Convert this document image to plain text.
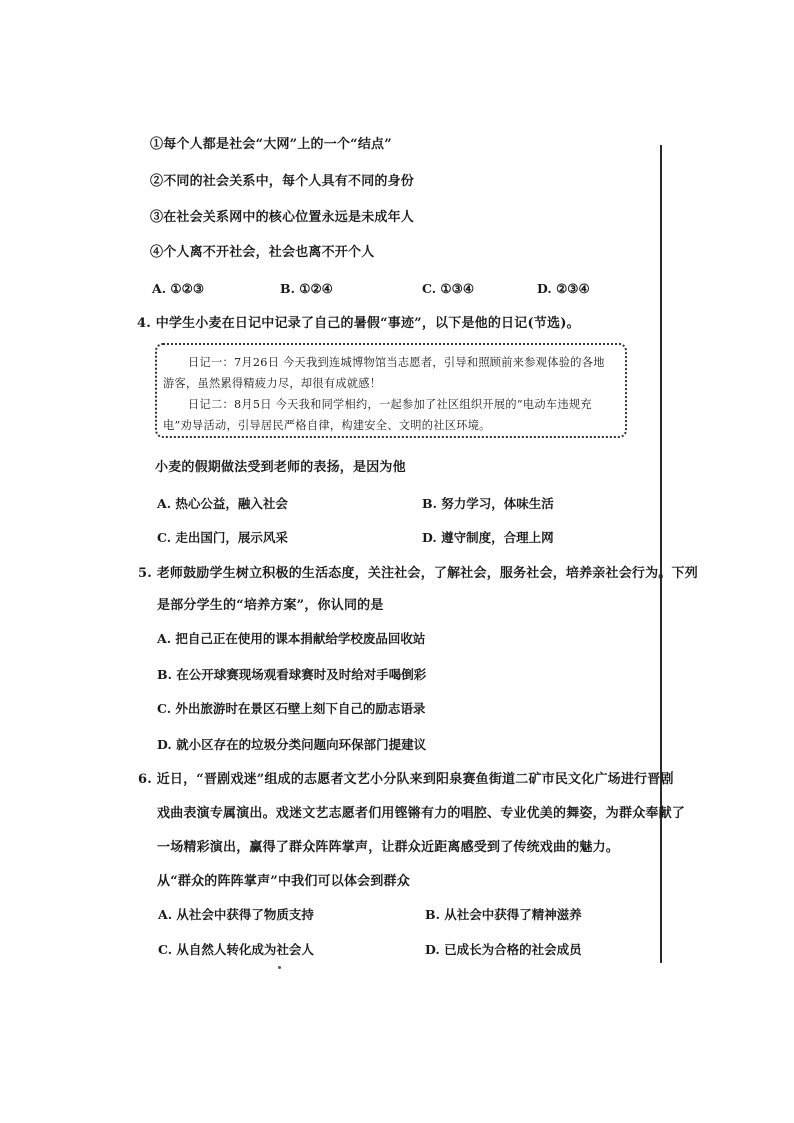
①每个人都是社会“大网”上的一个“结点”
②不同的社会关系中，每个人具有不同的身份
③在社会关系网中的核心位置永远是未成年人
④个人离不开社会，社会也离不开个人
A. ①②③	B. ①②④	C. ①③④	D. ②③④
4. 中学生小麦在日记中记录了自己的暑假“事迹”，以下是他的日记(节选)。
日记一：7月26日 今天我到连城博物馆当志愿者，引导和照顾前来参观体验的各地
游客，虽然累得精疲力尽，却很有成就感！
日记二：8月5日 今天我和同学相约，一起参加了社区组织开展的“电动车违规充
电”劝导活动，引导居民严格自律，构建安全、文明的社区环境。
小麦的假期做法受到老师的表扬，是因为他
A. 热心公益，融入社会	B. 努力学习，体味生活
C. 走出国门，展示风采	D. 遵守制度，合理上网
5. 老师鼓励学生树立积极的生活态度，关注社会，了解社会，服务社会，培养亲社会行为。下列
是部分学生的“培养方案”，你认同的是
A. 把自己正在使用的课本捐献给学校废品回收站
B. 在公开球赛现场观看球赛时及时给对手喝倒彩
C. 外出旅游时在景区石壁上刻下自己的励志语录
D. 就小区存在的垃圾分类问题向环保部门提建议
6. 近日，“晋剧戏迷”组成的志愿者文艺小分队来到阳泉赛鱼街道二矿市民文化广场进行晋剧
戏曲表演专属演出。戏迷文艺志愿者们用铿锵有力的唱腔、专业优美的舞姿，为群众奉献了
一场精彩演出，赢得了群众阵阵掌声，让群众近距离感受到了传统戏曲的魅力。
从“群众的阵阵掌声”中我们可以体会到群众
A. 从社会中获得了物质支持	B. 从社会中获得了精神滋养
C. 从自然人转化成为社会人	D. 已成长为合格的社会成员
